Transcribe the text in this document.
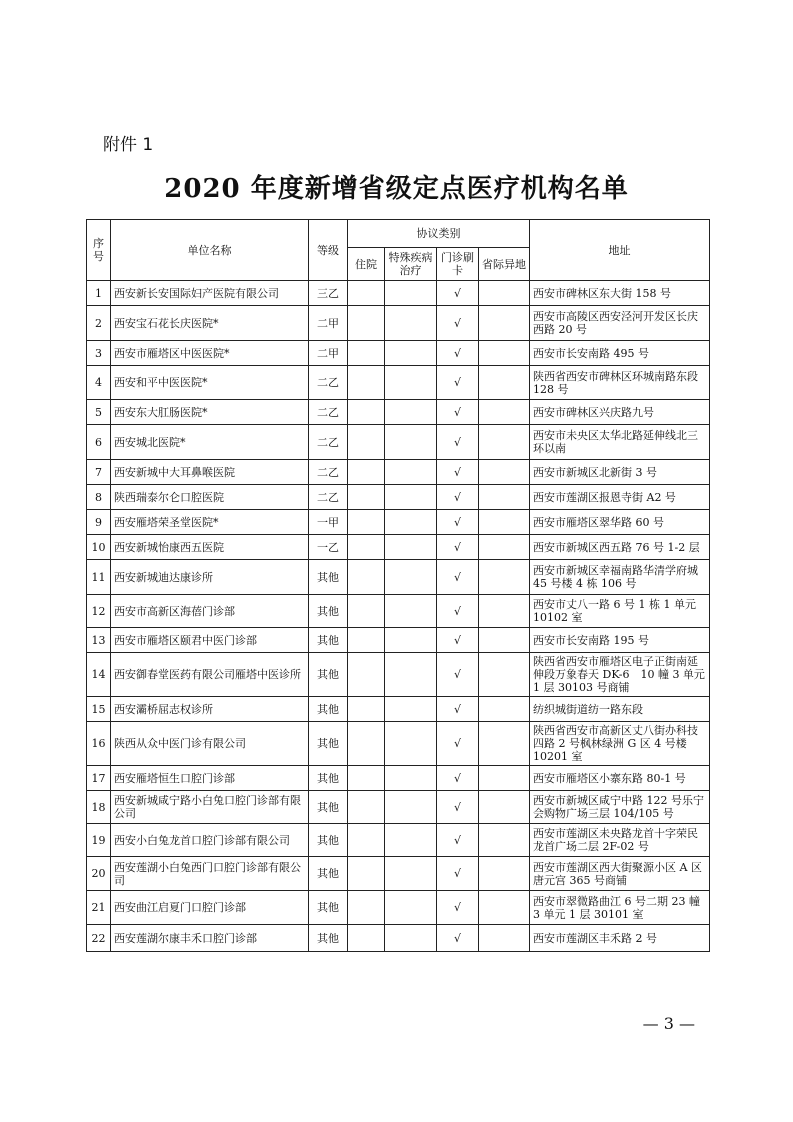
附件 1
2020 年度新增省级定点医疗机构名单
序号	单位名称	等级	协议类别				地址
			住院	特殊疾病治疗	门诊刷卡	省际异地	
1	西安新长安国际妇产医院有限公司	三乙			√		西安市碑林区东大街 158 号
2	西安宝石花长庆医院*	二甲			√		西安市高陵区西安泾河开发区长庆西路 20 号
3	西安市雁塔区中医医院*	二甲			√		西安市长安南路 495 号
4	西安和平中医医院*	二乙			√		陕西省西安市碑林区环城南路东段 128 号
5	西安东大肛肠医院*	二乙			√		西安市碑林区兴庆路九号
6	西安城北医院*	二乙			√		西安市未央区太华北路延伸线北三环以南
7	西安新城中大耳鼻喉医院	二乙			√		西安市新城区北新街 3 号
8	陕西瑞泰尔仑口腔医院	二乙			√		西安市莲湖区报恩寺街 A2 号
9	西安雁塔荣圣堂医院*	一甲			√		西安市雁塔区翠华路 60 号
10	西安新城怡康西五医院	一乙			√		西安市新城区西五路 76 号 1-2 层
11	西安新城迪达康诊所	其他			√		西安市新城区幸福南路华清学府城 45 号楼 4 栋 106 号
12	西安市高新区海蓓门诊部	其他			√		西安市丈八一路 6 号 1 栋 1 单元 10102 室
13	西安市雁塔区颐君中医门诊部	其他			√		西安市长安南路 195 号
14	西安御春堂医药有限公司雁塔中医诊所	其他			√		陕西省西安市雁塔区电子正街南延伸段万象春天 DK-6　10 幢 3 单元 1 层 30103 号商铺
15	西安灞桥屈志权诊所	其他			√		纺织城街道纺一路东段
16	陕西从众中医门诊有限公司	其他			√		陕西省西安市高新区丈八街办科技四路 2 号枫林绿洲 G 区 4 号楼 10201 室
17	西安雁塔恒生口腔门诊部	其他			√		西安市雁塔区小寨东路 80-1 号
18	西安新城咸宁路小白兔口腔门诊部有限公司	其他			√		西安市新城区咸宁中路 122 号乐宁会购物广场三层 104/105 号
19	西安小白兔龙首口腔门诊部有限公司	其他			√		西安市莲湖区未央路龙首十字荣民龙首广场二层 2F-02 号
20	西安莲湖小白兔西门口腔门诊部有限公司	其他			√		西安市莲湖区西大街聚源小区 A 区唐元宫 365 号商铺
21	西安曲江启夏门口腔门诊部	其他			√		西安市翠微路曲江 6 号二期 23 幢 3 单元 1 层 30101 室
22	西安莲湖尔康丰禾口腔门诊部	其他			√		西安市莲湖区丰禾路 2 号
— 3 —
